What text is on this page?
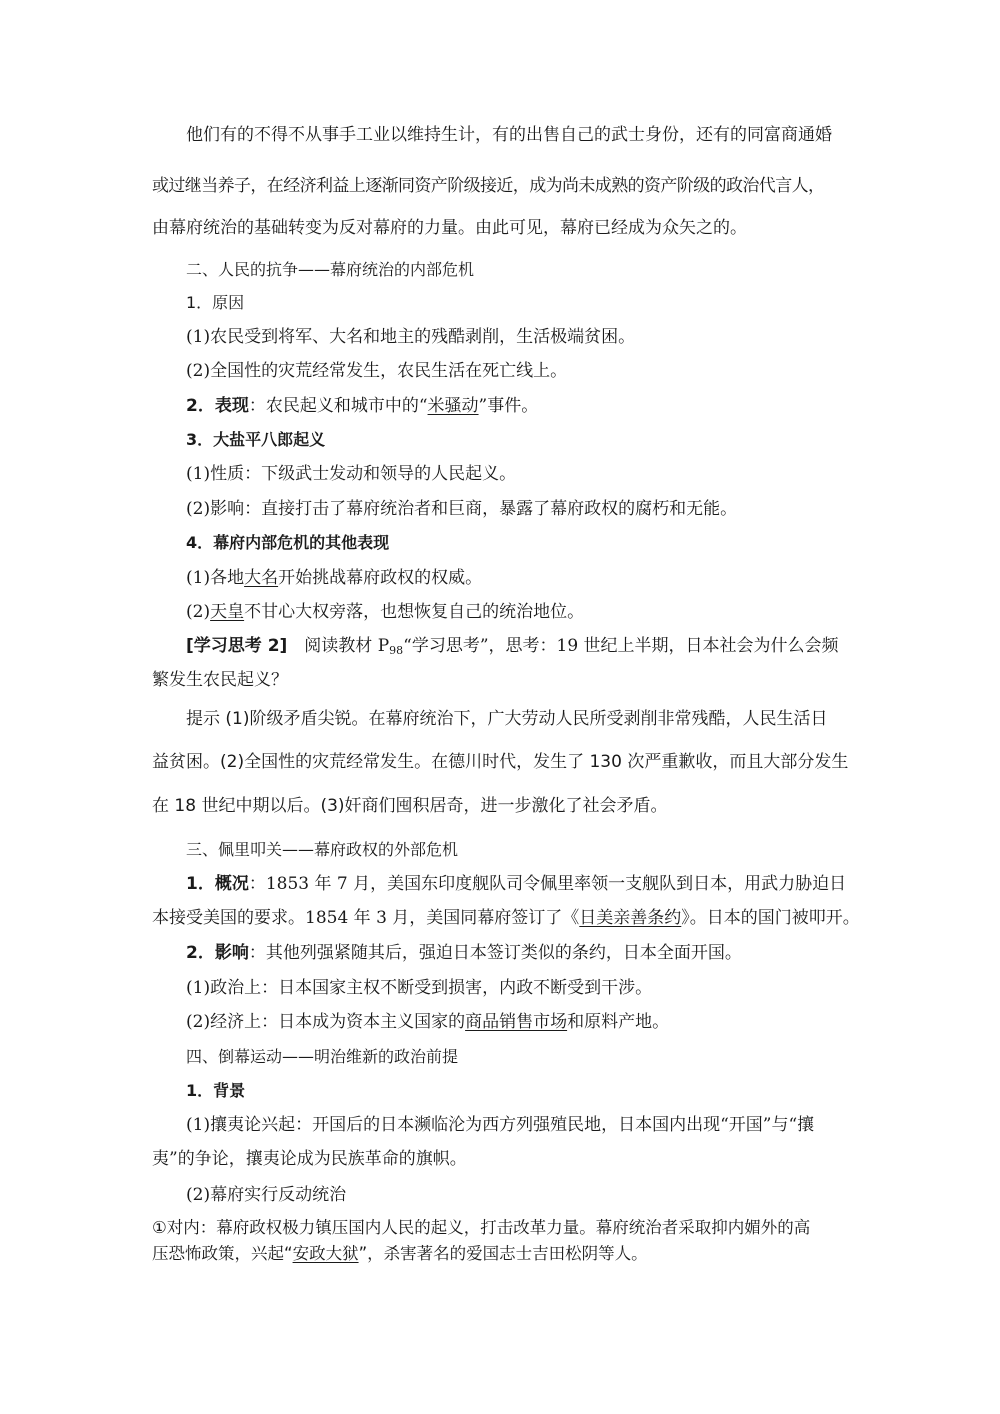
他们有的不得不从事手工业以维持生计，有的出售自己的武士身份，还有的同富商通婚
或过继当养子，在经济利益上逐渐同资产阶级接近，成为尚未成熟的资产阶级的政治代言人，
由幕府统治的基础转变为反对幕府的力量。由此可见，幕府已经成为众矢之的。
二、人民的抗争——幕府统治的内部危机
1．原因
(1)农民受到将军、大名和地主的残酷剥削，生活极端贫困。
(2)全国性的灾荒经常发生，农民生活在死亡线上。
2．表现：农民起义和城市中的“米骚动”事件。
3．大盐平八郎起义
(1)性质：下级武士发动和领导的人民起义。
(2)影响：直接打击了幕府统治者和巨商，暴露了幕府政权的腐朽和无能。
4．幕府内部危机的其他表现
(1)各地大名开始挑战幕府政权的权威。
(2)天皇不甘心大权旁落，也想恢复自己的统治地位。
[学习思考 2]　阅读教材 $P_{98}“$学习思考”，思考：19 世纪上半期，日本社会为什么会频
繁发生农民起义？
提示 (1)阶级矛盾尖锐。在幕府统治下，广大劳动人民所受剥削非常残酷，人民生活日
益贫困。(2)全国性的灾荒经常发生。在德川时代，发生了 130 次严重歉收，而且大部分发生
在 18 世纪中期以后。(3)奸商们囤积居奇，进一步激化了社会矛盾。
三、佩里叩关——幕府政权的外部危机
1．概况：1853 年 7 月，美国东印度舰队司令佩里率领一支舰队到日本，用武力胁迫日
本接受美国的要求。1854 年 3 月，美国同幕府签订了《日美亲善条约》。日本的国门被叩开。
2．影响：其他列强紧随其后，强迫日本签订类似的条约，日本全面开国。
(1)政治上：日本国家主权不断受到损害，内政不断受到干涉。
(2)经济上：日本成为资本主义国家的商品销售市场和原料产地。
四、倒幕运动——明治维新的政治前提
1．背景
(1)攘夷论兴起：开国后的日本濒临沦为西方列强殖民地，日本国内出现“开国”与“攘
夷”的争论，攘夷论成为民族革命的旗帜。
(2)幕府实行反动统治
①对内：幕府政权极力镇压国内人民的起义，打击改革力量。幕府统治者采取抑内媚外的高
压恐怖政策，兴起“安政大狱”，杀害著名的爱国志士吉田松阴等人。
